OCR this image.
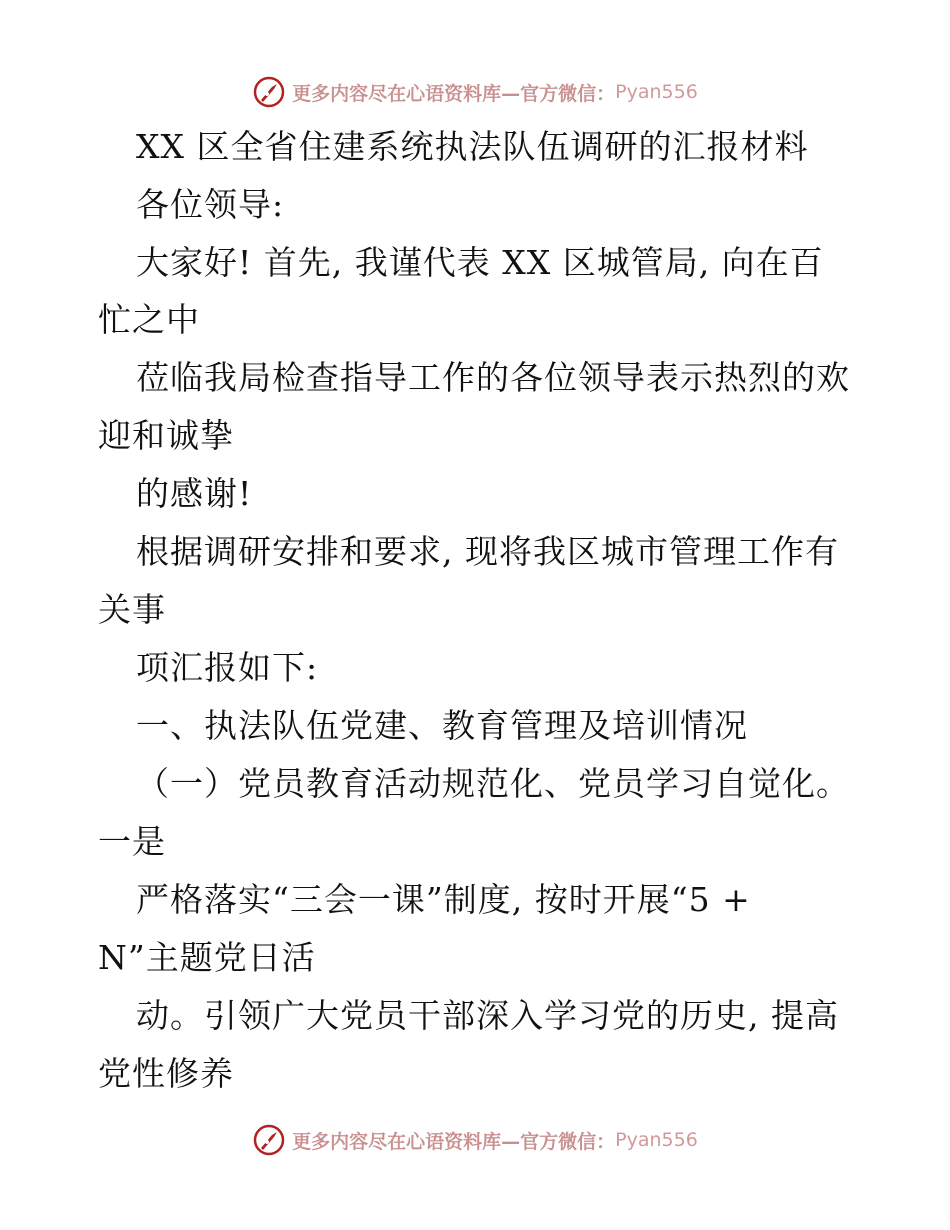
更多内容尽在心语资料库—官方微信： Pyan556
XX 区全省住建系统执法队伍调研的汇报材料
各位领导:
大家好! 首先, 我谨代表 XX 区城管局, 向在百
忙之中
莅临我局检查指导工作的各位领导表示热烈的欢
迎和诚挚
的感谢!
根据调研安排和要求, 现将我区城市管理工作有
关事
项汇报如下:
一、执法队伍党建、教育管理及培训情况
（一）党员教育活动规范化、党员学习自觉化。
一是
严格落实“三会一课”制度, 按时开展“5 +
N”主题党日活
动。引领广大党员干部深入学习党的历史, 提高
党性修养
更多内容尽在心语资料库—官方微信： Pyan556
